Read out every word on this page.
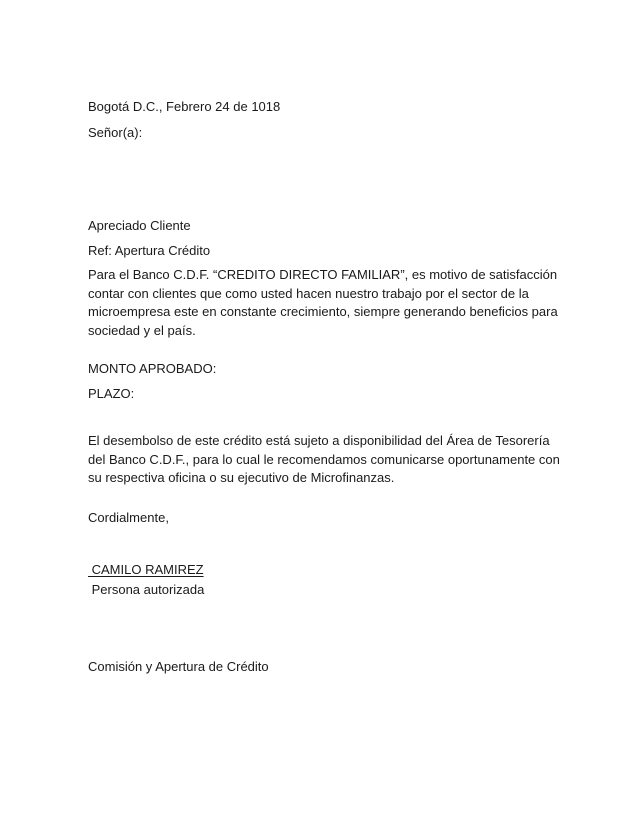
Bogotá D.C., Febrero 24 de 1018
Señor(a):
Apreciado Cliente
Ref: Apertura Crédito
Para el Banco C.D.F. “CREDITO DIRECTO FAMILIAR”, es motivo de satisfacción
contar con clientes que como usted hacen nuestro trabajo por el sector de la
microempresa este en constante crecimiento, siempre generando beneficios para
sociedad y el país.
MONTO APROBADO:
PLAZO:
El desembolso de este crédito está sujeto a disponibilidad del Área de Tesorería
del Banco C.D.F., para lo cual le recomendamos comunicarse oportunamente con
su respectiva oficina o su ejecutivo de Microfinanzas.
Cordialmente,
CAMILO RAMIREZ
Persona autorizada
Comisión y Apertura de Crédito
